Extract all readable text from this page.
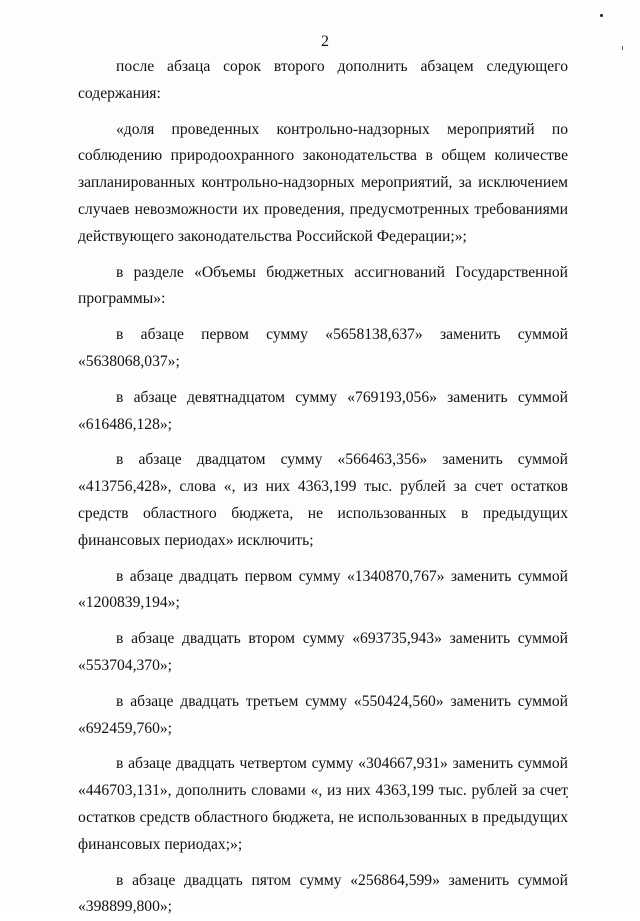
2

после абзаца сорок второго дополнить абзацем следующего содержания:

«доля проведенных контрольно-надзорных мероприятий по соблюдению природоохранного законодательства в общем количестве запланированных контрольно-надзорных мероприятий, за исключением случаев невозможности их проведения, предусмотренных требованиями действующего законодательства Российской Федерации;»;

в разделе «Объемы бюджетных ассигнований Государственной программы»:

в абзаце первом сумму «5658138,637» заменить суммой «5638068,037»;

в абзаце девятнадцатом сумму «769193,056» заменить суммой «616486,128»;

в абзаце двадцатом сумму «566463,356» заменить суммой «413756,428», слова «, из них 4363,199 тыс. рублей за счет остатков средств областного бюджета, не использованных в предыдущих финансовых периодах» исключить;

в абзаце двадцать первом сумму «1340870,767» заменить суммой «1200839,194»;

в абзаце двадцать втором сумму «693735,943» заменить суммой «553704,370»;

в абзаце двадцать третьем сумму «550424,560» заменить суммой «692459,760»;

в абзаце двадцать четвертом сумму «304667,931» заменить суммой «446703,131», дополнить словами «, из них 4363,199 тыс. рублей за счет остатков средств областного бюджета, не использованных в предыдущих финансовых периодах;»;

в абзаце двадцать пятом сумму «256864,599» заменить суммой «398899,800»;
